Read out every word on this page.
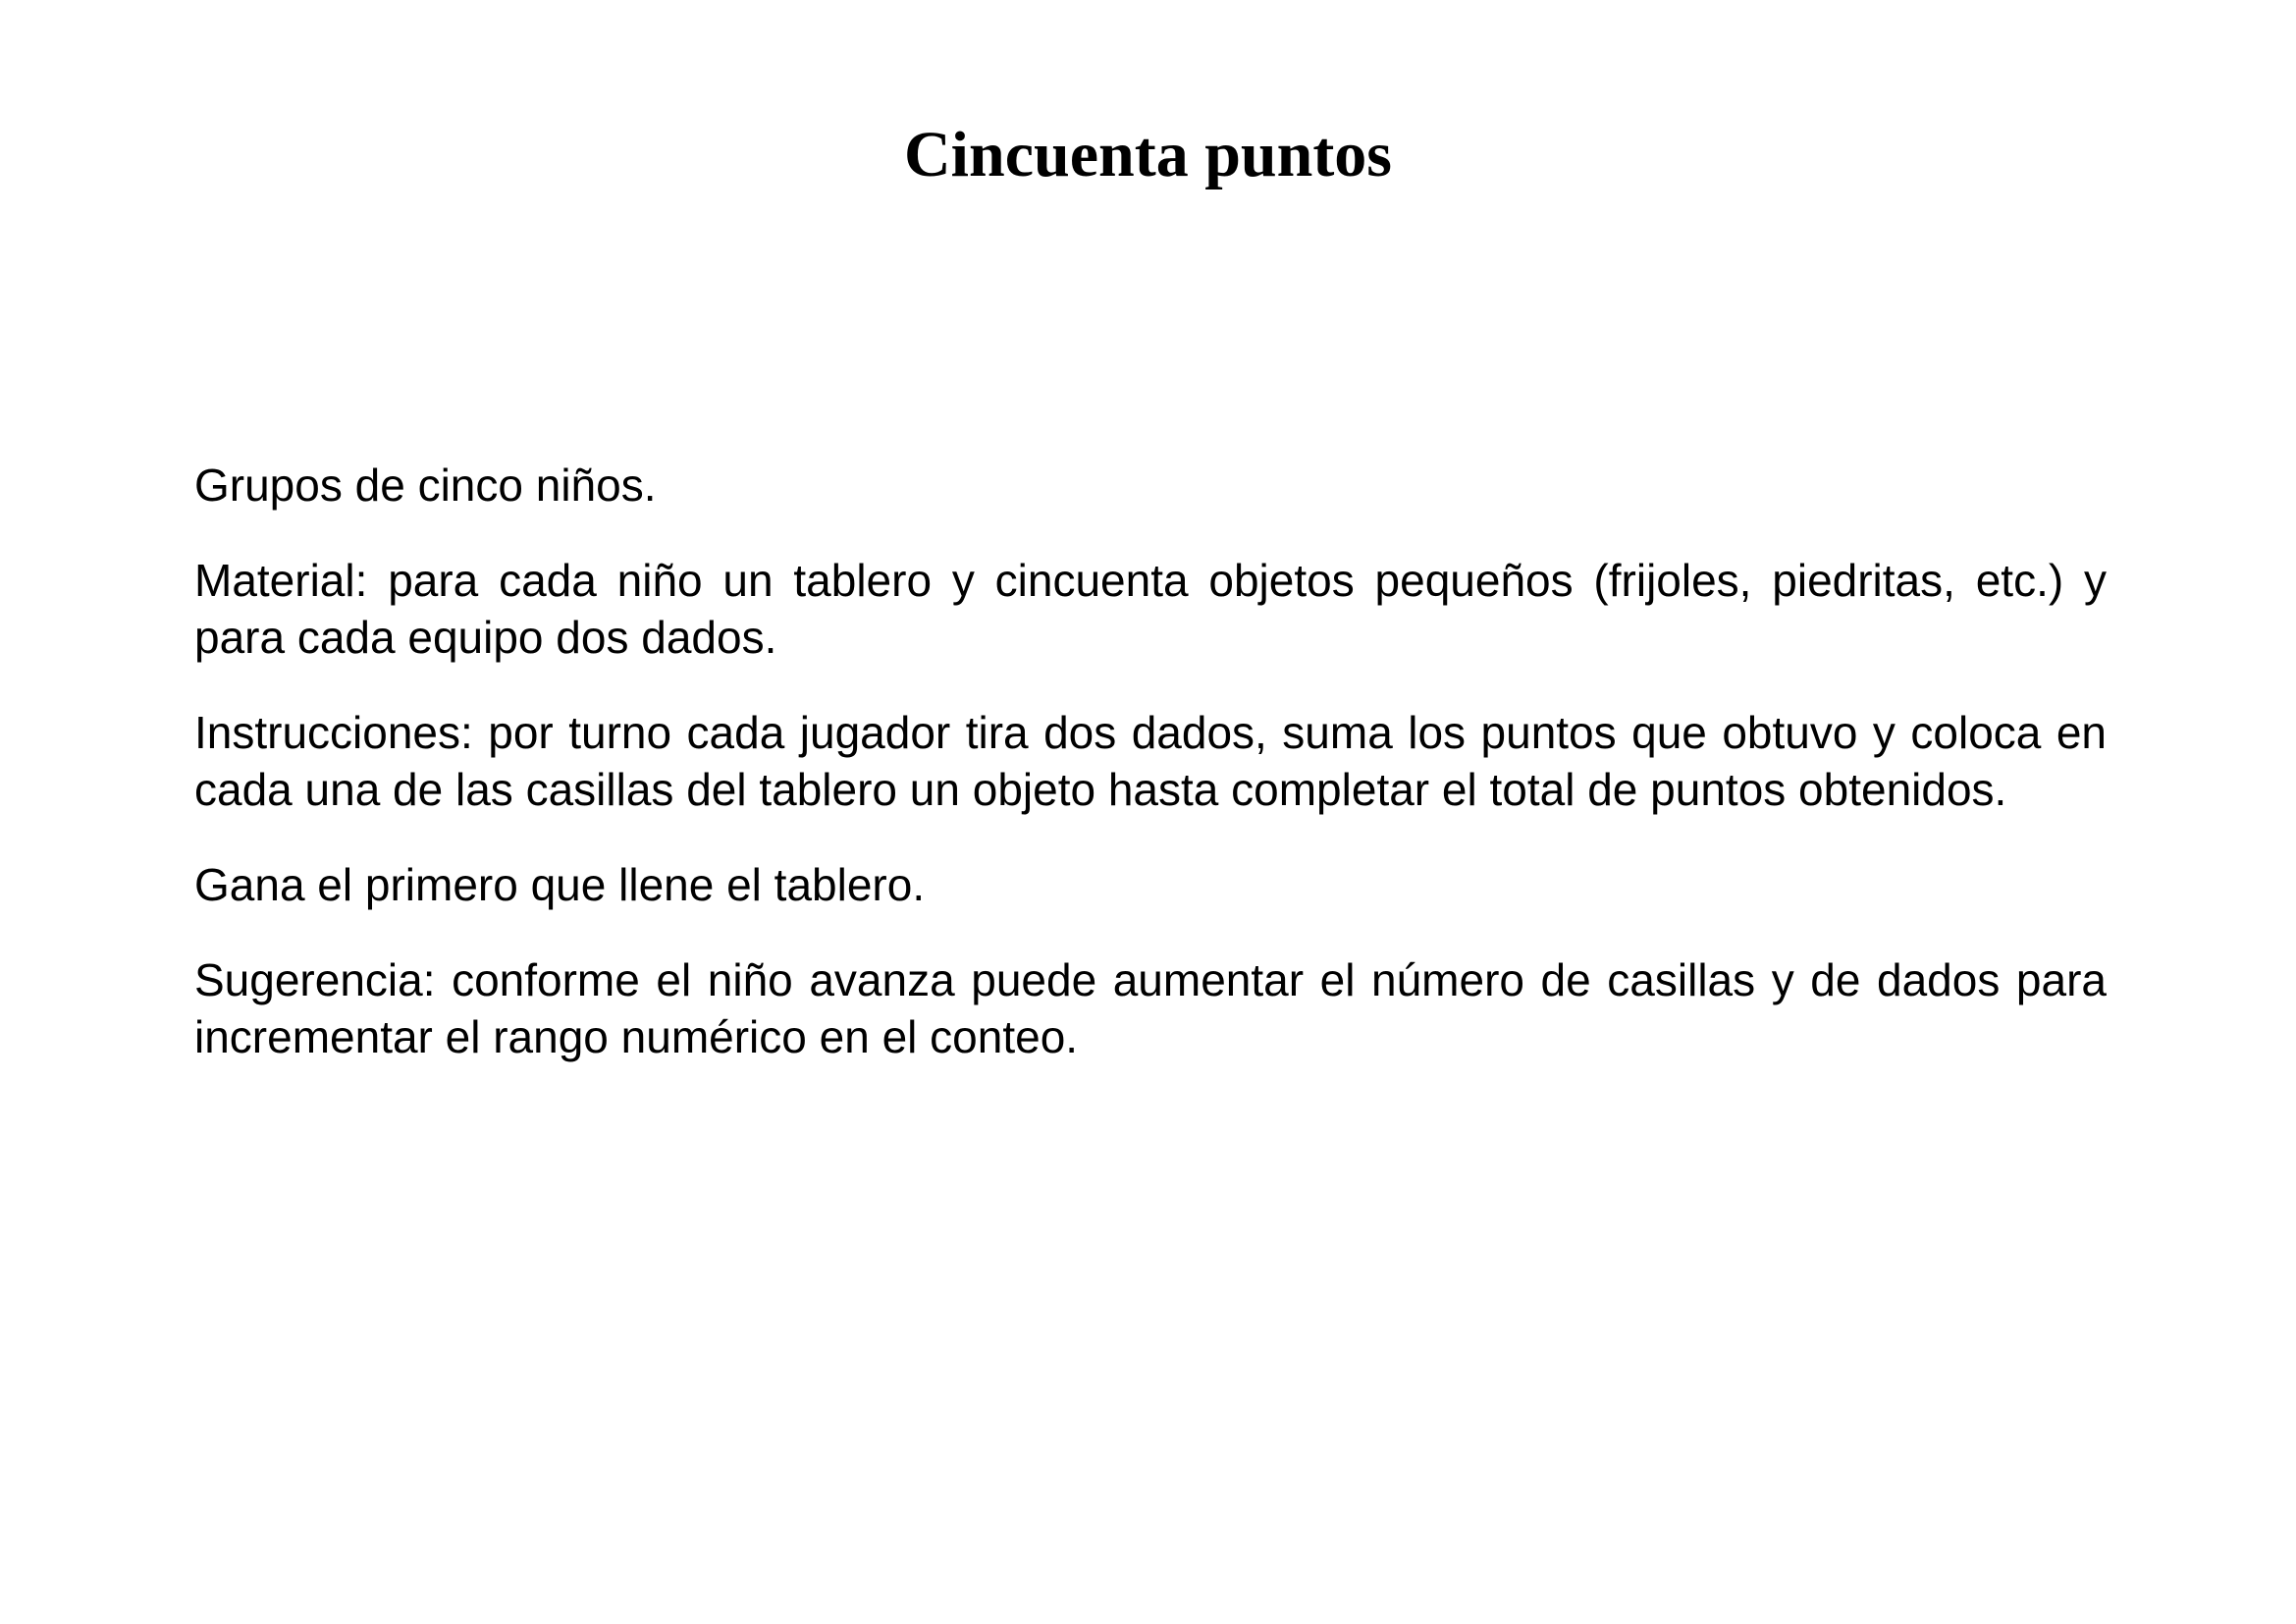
Cincuenta puntos

Grupos de cinco niños.

Material: para cada niño un tablero y cincuenta objetos pequeños (frijoles, piedritas, etc.) y para cada equipo dos dados.

Instrucciones: por turno cada jugador tira dos dados, suma los puntos que obtuvo y coloca en cada una de las casillas del tablero un objeto hasta completar el total de puntos obtenidos.

Gana el primero que llene el tablero.

Sugerencia: conforme el niño avanza puede aumentar el número de casillas y de dados para incrementar el rango numérico en el conteo.
